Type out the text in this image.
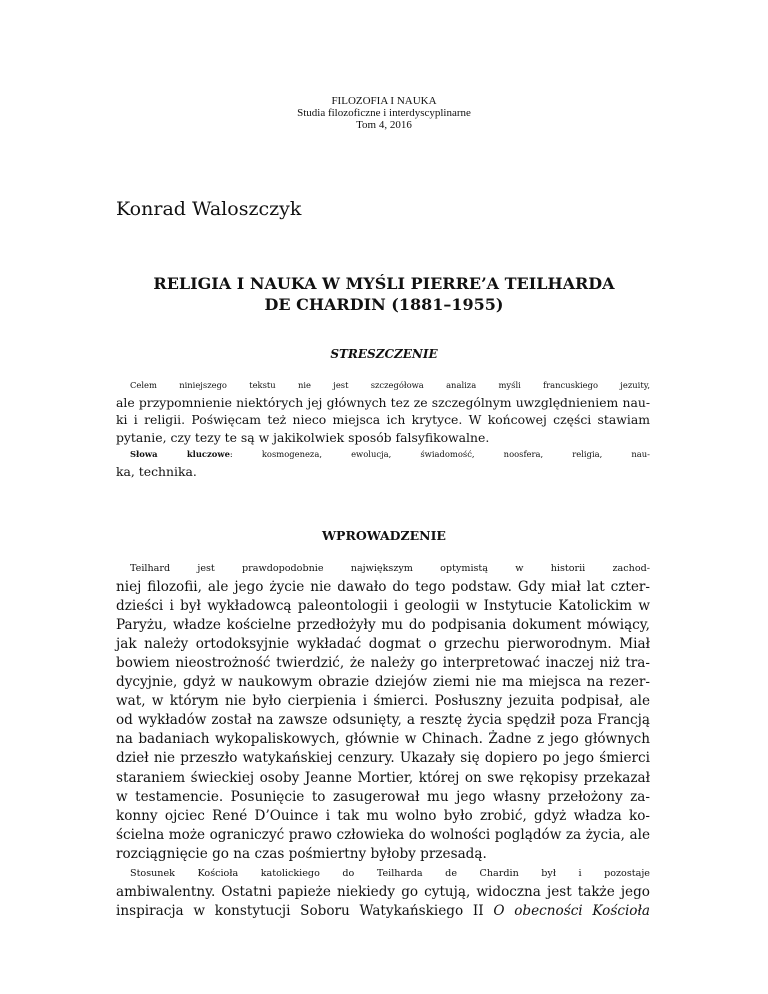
FILOZOFIA I NAUKA
Studia filozoficzne i interdyscyplinarne
Tom 4, 2016
Konrad Waloszczyk
RELIGIA I NAUKA W MYŚLI PIERRE’A TEILHARDA
DE CHARDIN (1881–1955)
STRESZCZENIE
Celem niniejszego tekstu nie jest szczegółowa analiza myśli francuskiego jezuity,
ale przypomnienie niektórych jej głównych tez ze szczególnym uwzględnieniem nau-
ki i religii. Poświęcam też nieco miejsca ich krytyce. W końcowej części stawiam
pytanie, czy tezy te są w jakikolwiek sposób falsyfikowalne.
Słowa kluczowe: kosmogeneza, ewolucja, świadomość, noosfera, religia, nau-
ka, technika.
WPROWADZENIE
Teilhard jest prawdopodobnie największym optymistą w historii zachod-
niej filozofii, ale jego życie nie dawało do tego podstaw. Gdy miał lat czter-
dzieści i był wykładowcą paleontologii i geologii w Instytucie Katolickim w
Paryżu, władze kościelne przedłożyły mu do podpisania dokument mówiący,
jak należy ortodoksyjnie wykładać dogmat o grzechu pierworodnym. Miał
bowiem nieostrożność twierdzić, że należy go interpretować inaczej niż tra-
dycyjnie, gdyż w naukowym obrazie dziejów ziemi nie ma miejsca na rezer-
wat, w którym nie było cierpienia i śmierci. Posłuszny jezuita podpisał, ale
od wykładów został na zawsze odsunięty, a resztę życia spędził poza Francją
na badaniach wykopaliskowych, głównie w Chinach. Żadne z jego głównych
dzieł nie przeszło watykańskiej cenzury. Ukazały się dopiero po jego śmierci
staraniem świeckiej osoby Jeanne Mortier, której on swe rękopisy przekazał
w testamencie. Posunięcie to zasugerował mu jego własny przełożony za-
konny ojciec René D’Ouince i tak mu wolno było zrobić, gdyż władza ko-
ścielna może ograniczyć prawo człowieka do wolności poglądów za życia, ale
rozciągnięcie go na czas pośmiertny byłoby przesadą.
Stosunek Kościoła katolickiego do Teilharda de Chardin był i pozostaje
ambiwalentny. Ostatni papieże niekiedy go cytują, widoczna jest także jego
inspiracja w konstytucji Soboru Watykańskiego II O obecności Kościoła
